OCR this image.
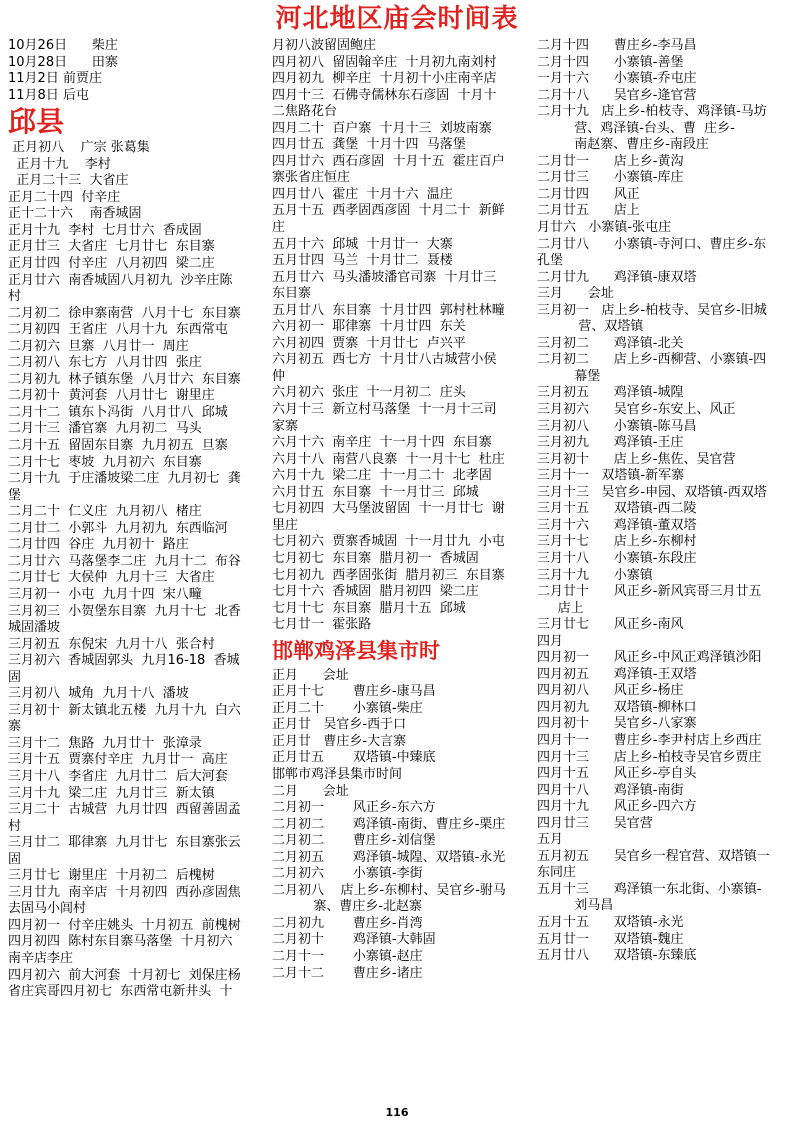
河北地区庙会时间表
10月26日      柴庄
10月28日      田寨
11月2日 前贾庄
11月8日 后屯
邱县
正月初八    广宗 张葛集
正月十九    李村
正月二十三  大省庄
正月二十四  付辛庄
正十二十六    南香城固
正月十九  李村  七月廿六  香成固
正月廿三  大省庄  七月廿七  东目寨
正月廿四  付辛庄  八月初四  梁二庄
正月廿六  南香城固八月初九  沙辛庄陈
村
二月初二  徐申寨南营  八月十七  东目寨
二月初四  王省庄  八月十九  东西常屯
二月初六  旦寨  八月廿一  周庄
二月初八  东七方  八月廿四  张庄
二月初九  林子镇东堡  八月廿六  东目寨
二月初十  黄河套  八月廿七  谢里庄
二月十二  镇东卜冯街  八月廿八  邱城
二月十三  潘官寨  九月初二  马头
二月十五  留固东目寨  九月初五  旦寨
二月十七  枣坡  九月初六  东目寨
二月十九  于庄潘坡梁二庄  九月初七  龚
堡
二月二十  仁义庄  九月初八  楮庄
二月廿二  小郭斗  九月初九  东西临河
二月廿四  谷庄  九月初十  路庄
二月廿六  马落堡李二庄  九月十二  布谷
二月廿七  大侯仲  九月十三  大省庄
三月初一  小屯  九月十四  宋八疃
三月初三  小贺堡东目寨  九月十七  北香
城固潘坡
三月初五  东倪宋  九月十八  张合村
三月初六  香城固郭头  九月16-18  香城
固
三月初八  城角  九月十八  潘坡
三月初十  新太镇北五楼  九月十九  白六
寨
三月十二  焦路  九月廿十  张漳录
三月十五  贾寨付辛庄  九月廿一  高庄
三月十八  李省庄  九月廿二  后大河套
三月十九  梁二庄  九月廿三  新太镇
三月二十  古城营  九月廿四  西留善固孟
村
三月廿二  耶律寨  九月廿七  东目寨张云
固
三月廿七  谢里庄  十月初二  后槐树
三月廿九  南辛店  十月初四  西孙彦固焦
去固马小闾村
四月初一  付辛庄姚头  十月初五  前槐树
四月初四  陈村东目寨马落堡  十月初六
南辛店李庄
四月初六  前大河套  十月初七  刘保庄杨
省庄宾哥四月初七  东西常屯新井头  十
月初八波留固鲍庄
四月初八  留固翰辛庄  十月初九南刘村
四月初九  柳辛庄  十月初十小庄南辛店
四月十三  石佛寺儒林东石彦固  十月十
二焦路花台
四月二十  百户寨  十月十三  刘坡南寨
四月廿五  龚堡  十月十四  马落堡
四月廿六  西石彦固  十月十五  霍庄百户
寨张省庄恒庄
四月廿八  霍庄  十月十六  温庄
五月十五  西孝固西彦固  十月二十  新鲜
庄
五月十六  邱城  十月廿一  大寨
五月廿四  马兰  十月廿二  聂楼
五月廿六  马头潘坡潘官司寨  十月廿三
东目寨
五月廿八  东目寨  十月廿四  郭村杜林疃
六月初一  耶律寨  十月廿四  东关
六月初四  贾寨  十月廿七  卢兴平
六月初五  西七方  十月廿八古城营小侯
仲
六月初六  张庄  十一月初二  庄头
六月十三  新立村马落堡  十一月十三司
家寨
六月十六  南辛庄  十一月十四  东目寨
六月十八  南营八良寨  十一月十七  杜庄
六月十九  梁二庄  十一月二十  北孝固
六月廿五  东目寨  十一月廿三  邱城
七月初四  大马堡波留固  十一月廿七  谢
里庄
七月初六  贾寨香城固  十一月廿九  小屯
七月初七  东目寨  腊月初一  香城固
七月初九  西孝固张街  腊月初三  东目寨
七月十六  香城固  腊月初四  梁二庄
七月十七  东目寨  腊月十五  邱城
七月廿一  霍张路
邯郸鸡泽县集市时
正月      会址
正月十七       曹庄乡-康马昌
正月二十       小寨镇-柴庄
正月廿   吴官乡-西于口
正月廿   曹庄乡-大言寨
正月廿五       双塔镇-中臻底
邯郸市鸡泽县集市时间
二月      会址
二月初一       风正乡-东六方
二月初二       鸡泽镇-南街、曹庄乡-栗庄
二月初二       曹庄乡-刘信堡
二月初五       鸡泽镇-城隍、双塔镇-永光
二月初六       小寨镇-李街
二月初八    店上乡-东柳村、吴官乡-驸马
寨、曹庄乡-北赵寨
二月初九       曹庄乡-肖湾
二月初十       鸡泽镇-大韩固
二月十一       小寨镇-赵庄
二月十二       曹庄乡-诸庄
二月十四      曹庄乡-李马昌
二月十四      小寨镇-善堡
一月十六      小寨镇-乔屯庄
二月十八      吴官乡-逄官营
二月十九   店上乡-柏枝寺、鸡泽镇-马坊
营、鸡泽镇-台头、曹  庄乡-
南赵寨、曹庄乡-南段庄
二月廿一      店上乡-黄沟
二月廿三      小寨镇-库庄
二月廿四      风正
二月廿五      店上
月廿六   小寨镇-张屯庄
二月廿八      小寨镇-寺河口、曹庄乡-东
孔堡
二月廿九      鸡泽镇-康双塔
三月      会址
三月初一   店上乡-柏枝寺、吴官乡-旧城
营、双塔镇
三月初二      鸡泽镇-北关
二月初二      店上乡-西柳营、小寨镇-四
幕堡
三月初五      鸡泽镇-城隍
三月初六      吴官乡-东安上、风正
三月初八      小寨镇-陈马昌
三月初九      鸡泽镇-王庄
三月初十      店上乡-焦佐、吴官营
三月十一   双塔镇-新军寨
三月十三   吴官乡-申园、双塔镇-西双塔
三月十五      双塔镇-西二陵
三月十六      鸡泽镇-董双塔
三月十七      店上乡-东柳村
三月十八      小寨镇-东段庄
三月十九      小寨镇
二月廿十      风正乡-新风宾哥三月廿五
店上
三月廿七      风正乡-南风
四月
四月初一      风正乡-中风正鸡泽镇沙阳
四月初五      鸡泽镇-王双塔
四月初八      风正乡-杨庄
四月初九      双塔镇-柳林口
四月初十      吴官乡-八家寨
四月十一      曹庄乡-李尹村店上乡西庄
四月十三      店上乡-柏枝寺吴官乡贾庄
四月十五      风正乡-亭自头
四月十八      鸡泽镇-南街
四月十九      风正乡-四六方
四月廿三      吴官营
五月
五月初五      吴官乡一程官营、双塔镇一
东同庄
五月十三      鸡泽镇一东北街、小寨镇-
刘马昌
五月十五      双塔镇-永光
五月廿一      双塔镇-魏庄
五月廿八      双塔镇-东臻底
116
